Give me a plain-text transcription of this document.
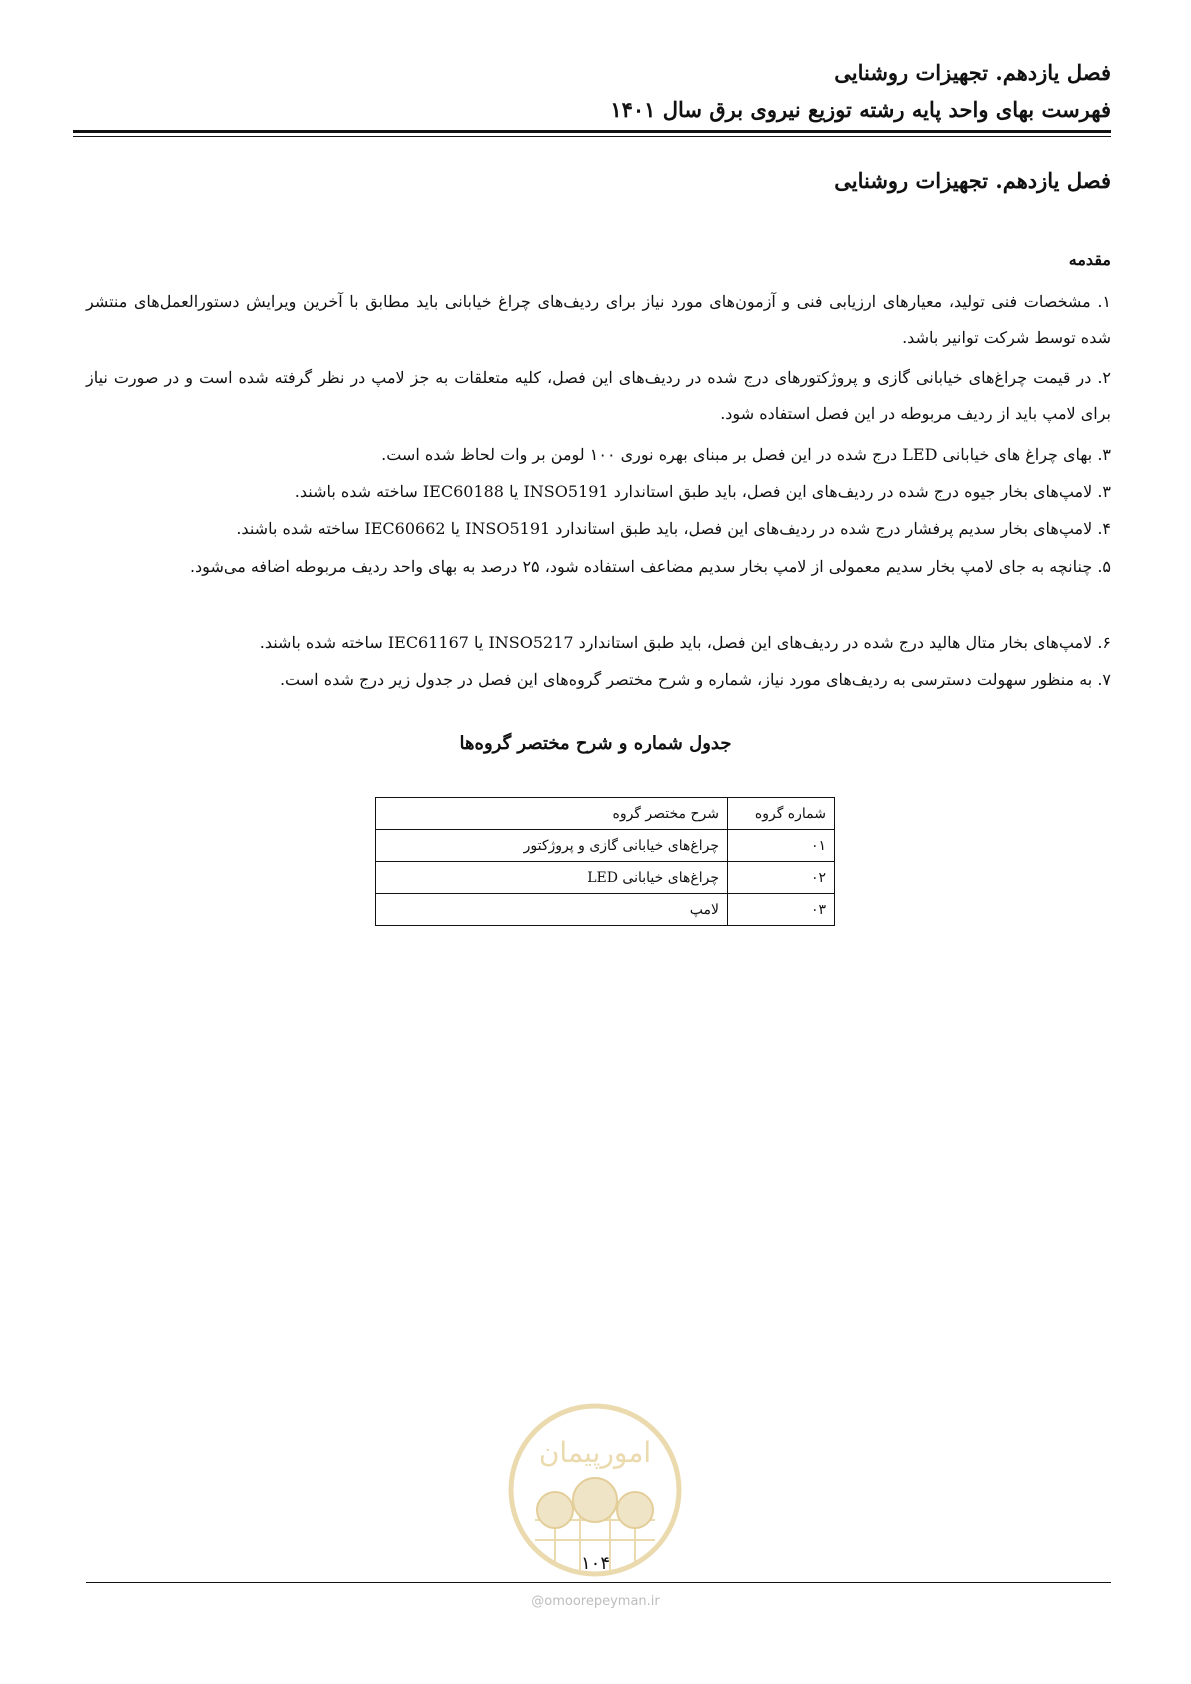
فصل یازدهم. تجهیزات روشنایی
فهرست بهای واحد پایه رشته توزیع نیروی برق سال ۱۴۰۱
فصل یازدهم. تجهیزات روشنایی
مقدمه
۱. مشخصات فنی تولید، معیارهای ارزیابی فنی و آزمون‌های مورد نیاز برای ردیف‌های چراغ خیابانی باید مطابق با آخرین ویرایش دستورالعمل‌های منتشر شده توسط شرکت توانیر باشد.
۲. در قیمت چراغ‌های خیابانی گازی و پروژکتورهای درج شده در ردیف‌های این فصل، کلیه متعلقات به جز لامپ در نظر گرفته شده است و در صورت نیاز برای لامپ باید از ردیف مربوطه در این فصل استفاده شود.
۳. بهای چراغ های خیابانی LED درج شده در این فصل بر مبنای بهره نوری ۱۰۰ لومن بر وات لحاظ شده است.
۳. لامپ‌های بخار جیوه درج شده در ردیف‌های این فصل، باید طبق استاندارد INSO5191 یا IEC60188 ساخته شده باشند.
۴. لامپ‌های بخار سدیم پرفشار درج شده در ردیف‌های این فصل، باید طبق استاندارد INSO5191 یا IEC60662 ساخته شده باشند.
۵. چنانچه به جای لامپ بخار سدیم معمولی از لامپ بخار سدیم مضاعف استفاده شود، ۲۵ درصد به بهای واحد ردیف مربوطه اضافه می‌شود.
۶. لامپ‌های بخار متال هالید درج شده در ردیف‌های این فصل، باید طبق استاندارد INSO5217 یا IEC61167 ساخته شده باشند.
۷. به منظور سهولت دسترسی به ردیف‌های مورد نیاز، شماره و شرح مختصر گروه‌های این فصل در جدول زیر درج شده است.
جدول شماره و شرح مختصر گروه‌ها
شماره گروه	شرح مختصر گروه
۰۱	چراغ‌های خیابانی گازی و پروژکتور
۰۲	چراغ‌های خیابانی LED
۰۳	لامپ
امورپیمان
۱۰۴
@omoorepeyman.ir
